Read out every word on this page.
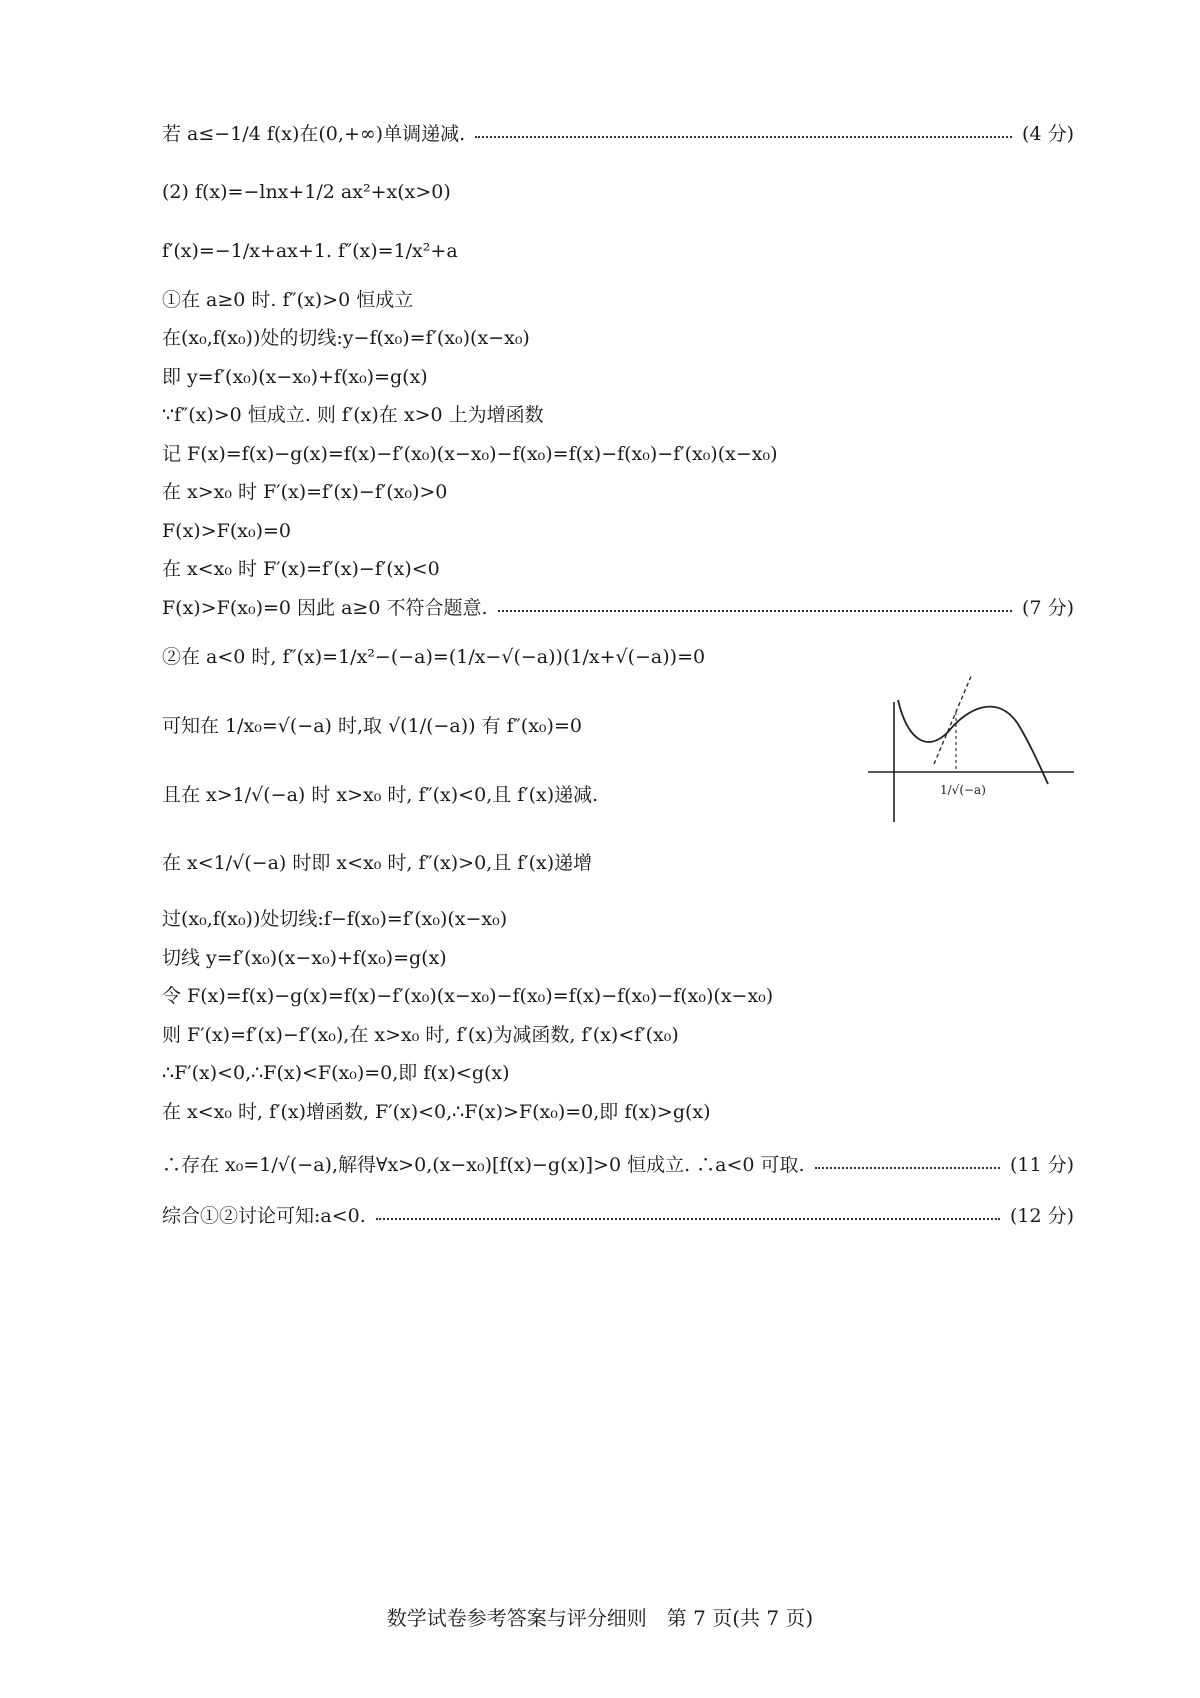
若 a≤−1/4 f(x)在(0,+∞)单调递减.	(4 分)
(2) f(x)=−lnx+1/2 ax²+x(x>0)
f′(x)=−1/x+ax+1. f″(x)=1/x²+a
①在 a≥0 时. f″(x)>0 恒成立
在(x₀,f(x₀))处的切线:y−f(x₀)=f′(x₀)(x−x₀)
即 y=f′(x₀)(x−x₀)+f(x₀)=g(x)
∵f″(x)>0 恒成立. 则 f′(x)在 x>0 上为增函数
记 F(x)=f(x)−g(x)=f(x)−f′(x₀)(x−x₀)−f(x₀)=f(x)−f(x₀)−f′(x₀)(x−x₀)
在 x>x₀ 时 F′(x)=f′(x)−f′(x₀)>0
F(x)>F(x₀)=0
在 x<x₀ 时 F′(x)=f′(x)−f′(x)<0
F(x)>F(x₀)=0 因此 a≥0 不符合题意.	(7 分)
②在 a<0 时, f″(x)=1/x²−(−a)=(1/x−√(−a))(1/x+√(−a))=0
可知在 1/x₀=√(−a) 时,取 √(1/(−a)) 有 f″(x₀)=0
且在 x>1/√(−a) 时 x>x₀ 时, f″(x)<0,且 f′(x)递减.
在 x<1/√(−a) 时即 x<x₀ 时, f″(x)>0,且 f′(x)递增
过(x₀,f(x₀))处切线:f−f(x₀)=f′(x₀)(x−x₀)
切线 y=f′(x₀)(x−x₀)+f(x₀)=g(x)
令 F(x)=f(x)−g(x)=f(x)−f′(x₀)(x−x₀)−f(x₀)=f(x)−f(x₀)−f(x₀)(x−x₀)
则 F′(x)=f′(x)−f′(x₀),在 x>x₀ 时, f′(x)为减函数, f′(x)<f′(x₀)
∴F′(x)<0,∴F(x)<F(x₀)=0,即 f(x)<g(x)
在 x<x₀ 时, f′(x)增函数, F′(x)<0,∴F(x)>F(x₀)=0,即 f(x)>g(x)
∴存在 x₀=1/√(−a),解得∀x>0,(x−x₀)[f(x)−g(x)]>0 恒成立. ∴a<0 可取.	(11 分)
综合①②讨论可知:a<0.	(12 分)
1/√(−a)
数学试卷参考答案与评分细则　第 7 页(共 7 页)
